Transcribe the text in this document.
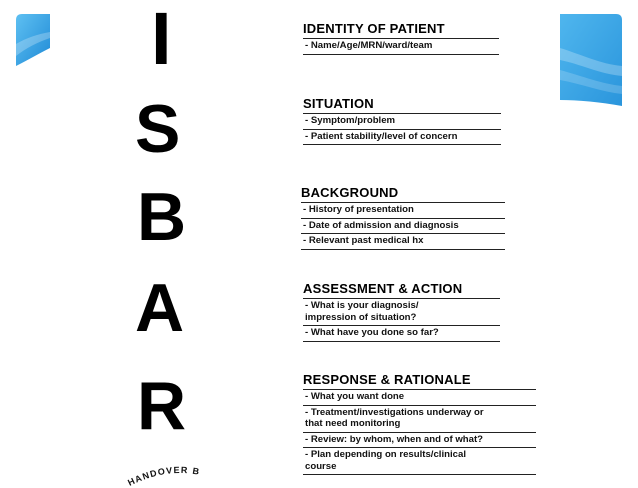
I
S
B
A
R
IDENTITY OF PATIENT
- Name/Age/MRN/ward/team
SITUATION
- Symptom/problem
- Patient stability/level of concern
BACKGROUND
- History of presentation
- Date of admission and diagnosis
- Relevant past medical hx
ASSESSMENT & ACTION
- What is your diagnosis/
impression of situation?
- What have you done so far?
RESPONSE & RATIONALE
- What you want done
- Treatment/investigations underway or
that need monitoring
- Review: by whom, when and of what?
- Plan depending on results/clinical
course
HANDOVER B
